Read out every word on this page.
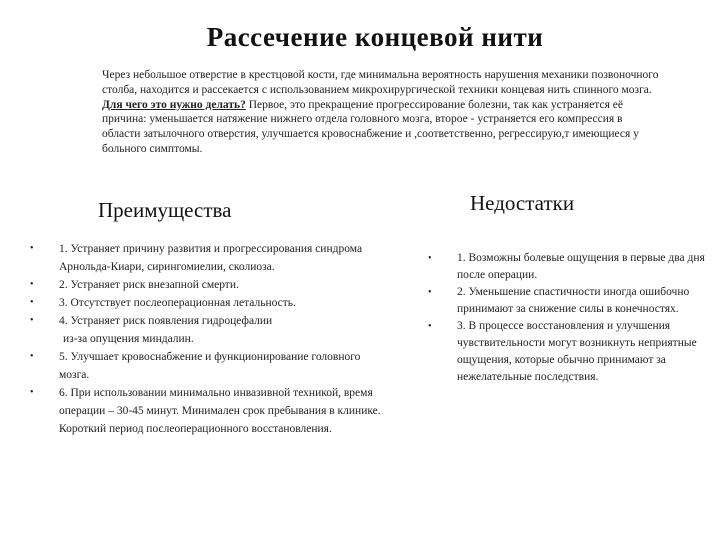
Рассечение концевой нити

Через небольшое отверстие в крестцовой кости, где минимальна вероятность нарушения механики позвоночного столба, находится и рассекается с использованием микрохирургической техники концевая нить спинного мозга.

Для чего это нужно делать? Первое, это прекращение прогрессирование болезни, так как устраняется её причина: уменьшается натяжение нижнего отдела головного мозга, второе - устраняется его компрессия в области затылочного отверстия, улучшается кровоснабжение и ,соответственно, регрессирую,т имеющиеся у больного симптомы.

Преимущества	Недостатки
• 1. Устраняет причину развития и прогрессирования синдрома Арнольда-Киари, сирингомиелии, сколиоза.
• 2. Устраняет риск внезапной смерти.
• 3. Отсутствует послеоперационная летальность.
• 4. Устраняет риск появления гидроцефалии
из-за опущения миндалин.
• 5. Улучшает кровоснабжение и функционирование головного мозга.
• 6. При использовании минимально инвазивной техникой, время операции – 30-45 минут. Минимален срок пребывания в клинике. Короткий период послеоперационного восстановления.
• 1. Возможны болевые ощущения в первые два дня после операции.
• 2. Уменьшение спастичности иногда ошибочно принимают за снижение силы в конечностях.
• 3. В процессе восстановления и улучшения чувствительности могут возникнуть неприятные ощущения, которые обычно принимают за нежелательные последствия.
